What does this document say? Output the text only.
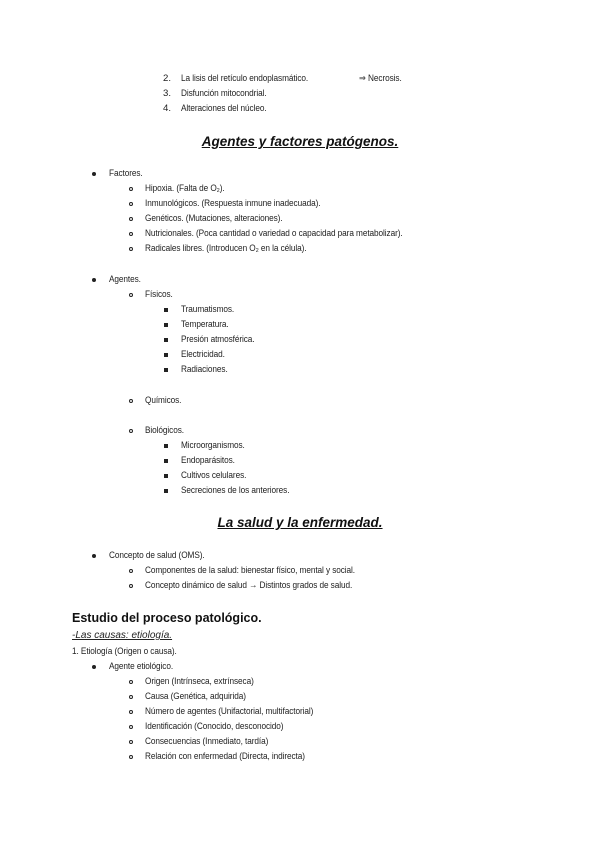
2. La lisis del retículo endoplasmático.	⇒ Necrosis.
3. Disfunción mitocondrial.
4. Alteraciones del núcleo.
Agentes y factores patógenos.
Factores.
Hipoxia. (Falta de O₂).
Inmunológicos. (Respuesta inmune inadecuada).
Genéticos. (Mutaciones, alteraciones).
Nutricionales. (Poca cantidad o variedad o capacidad para metabolizar).
Radicales libres. (Introducen O₂ en la célula).
Agentes.
Físicos.
Traumatismos.
Temperatura.
Presión atmosférica.
Electricidad.
Radiaciones.
Químicos.
Biológicos.
Microorganismos.
Endoparásitos.
Cultivos celulares.
Secreciones de los anteriores.
La salud y la enfermedad.
Concepto de salud (OMS).
Componentes de la salud: bienestar físico, mental y social.
Concepto dinámico de salud → Distintos grados de salud.
Estudio del proceso patológico.
-Las causas: etiología.
1. Etiología (Origen o causa).
Agente etiológico.
Origen (Intrínseca, extrínseca)
Causa (Genética, adquirida)
Número de agentes (Unifactorial, multifactorial)
Identificación (Conocido, desconocido)
Consecuencias (Inmediato, tardía)
Relación con enfermedad (Directa, indirecta)
